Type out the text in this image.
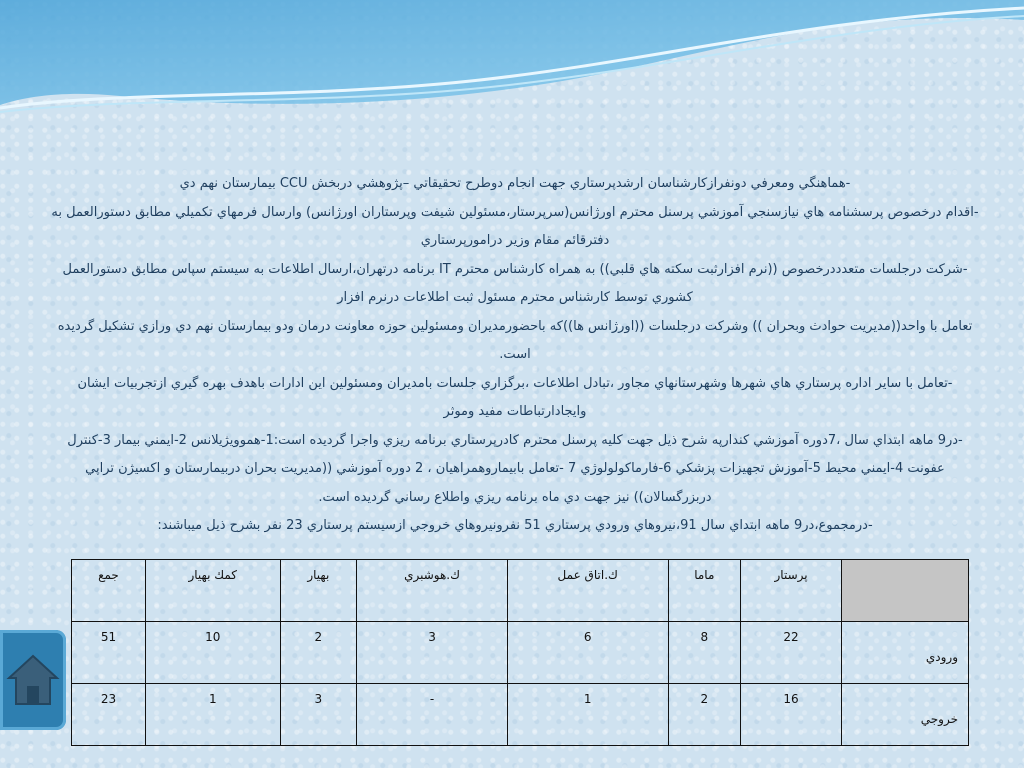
-هماهنگي ومعرفي دونفرازكارشناسان ارشدپرستاري جهت انجام دوطرح تحقيقاتي –پژوهشي دربخش CCU بيمارستان نهم دي

-اقدام درخصوص پرسشنامه هاي نيازسنجي آموزشي پرسنل محترم اورژانس(سرپرستار،مسئولين شيفت وپرستاران اورژانس) وارسال فرمهاي تكميلي مطابق دستورالعمل به دفترقائم مقام وزير درامورپرستاري

-شركت درجلسات متعدددرخصوص ((نرم افزارثبت سكته هاي قلبي)) به همراه كارشناس محترم IT برنامه درتهران،ارسال اطلاعات به سيستم سپاس مطابق دستورالعمل كشوري توسط كارشناس محترم مسئول ثبت اطلاعات درنرم افزار

تعامل با واحد((مديريت حوادث وبحران )) وشركت درجلسات ((اورژانس ها))كه باحضورمديران ومسئولين حوزه معاونت درمان ودو بيمارستان نهم دي ورازي تشكيل گرديده است.

-تعامل با ساير اداره پرستاري هاي شهرها وشهرستانهاي مجاور ،تبادل اطلاعات ،برگزاري جلسات بامديران ومسئولين اين ادارات باهدف بهره گيري ازتجربيات ايشان وايجادارتباطات مفيد وموثر

-در9 ماهه ابتداي سال ،7دوره آموزشي كندارپه شرح ذيل جهت كليه پرسنل محترم كادرپرستاري برنامه ريزي واجرا گرديده است:1-هموويژيلانس 2-ايمني بيمار 3-كنترل عفونت 4-ايمني محيط 5-آموزش تجهيزات پزشكي 6-فارماكولولوژي 7 -تعامل بابيماروهمراهيان ، 2 دوره آموزشي ((مديريت بحران دربيمارستان و اكسيژن تراپي دربزرگسالان)) نيز جهت دي ماه برنامه ريزي واطلاع رساني گرديده است.

-درمجموع،در9 ماهه ابتداي سال 91،نيروهاي ورودي پرستاري 51 نفرونيروهاي خروجي ازسيستم پرستاري 23 نفر بشرح ذيل ميباشند:

	پرستار	ماما	ك.اتاق عمل	ك.هوشبري	بهيار	كمك بهيار	جمع
ورودي	22	8	6	3	2	10	51
خروجي	16	2	1	-	3	1	23
